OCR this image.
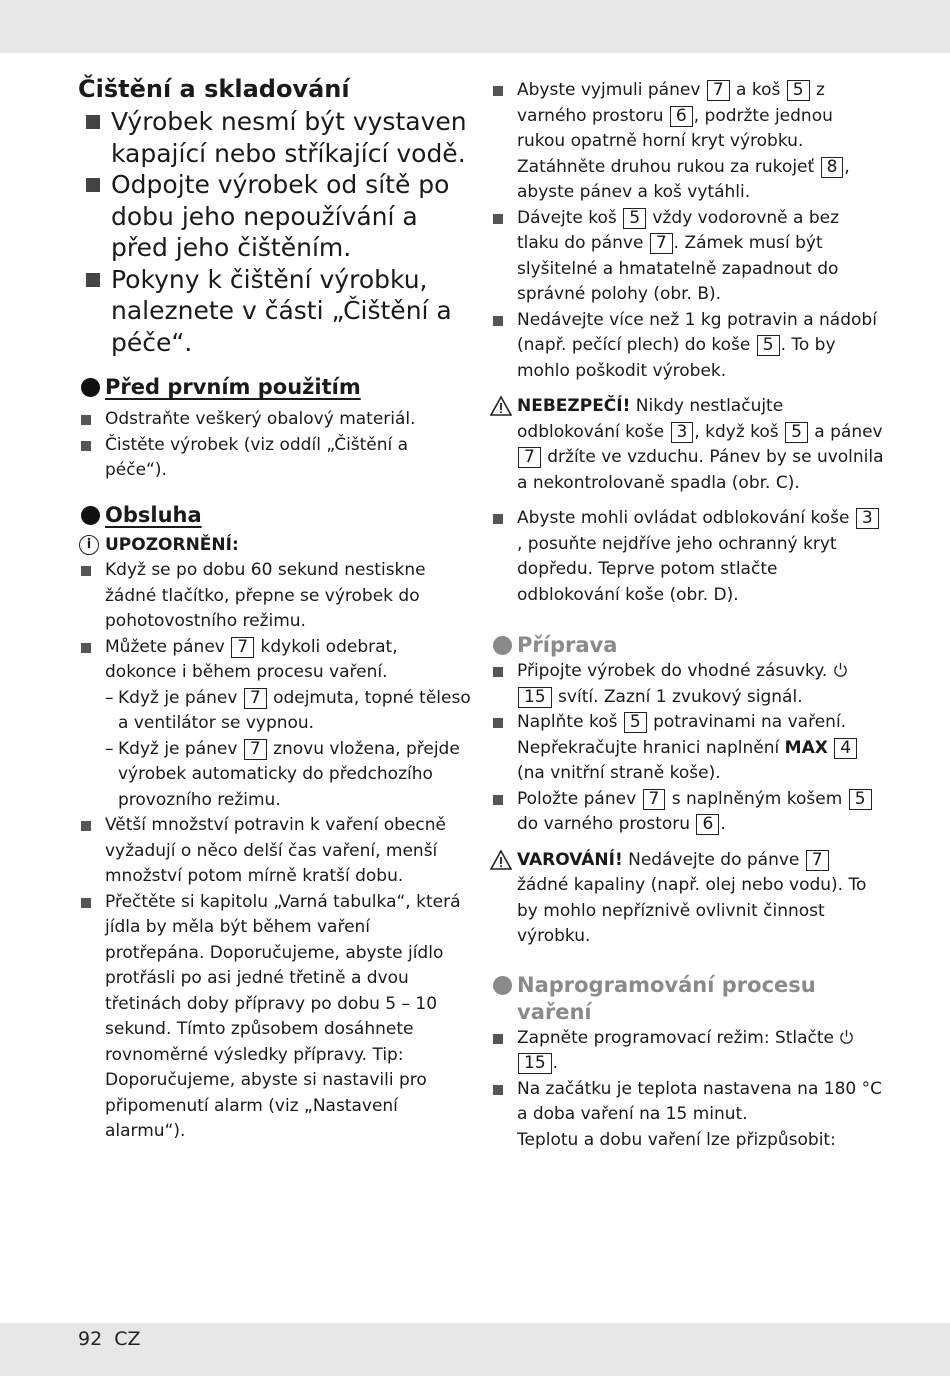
Čištění a skladování
Výrobek nesmí být vystaven kapající nebo stříkající vodě.
Odpojte výrobek od sítě po dobu jeho nepoužívání a před jeho čištěním.
Pokyny k čištění výrobku, naleznete v části „Čištění a péče“.
Před prvním použitím
Odstraňte veškerý obalový materiál.
Čistěte výrobek (viz oddíl „Čištění a péče“).
Obsluha
i UPOZORNĚNÍ:
Když se po dobu 60 sekund nestiskne žádné tlačítko, přepne se výrobek do pohotovostního režimu.
Můžete pánev 7 kdykoli odebrat, dokonce i během procesu vaření.
– Když je pánev 7 odejmuta, topné těleso a ventilátor se vypnou.
– Když je pánev 7 znovu vložena, přejde výrobek automaticky do předchozího provozního režimu.
Větší množství potravin k vaření obecně vyžadují o něco delší čas vaření, menší množství potom mírně kratší dobu.
Přečtěte si kapitolu „Varná tabulka“, která jídla by měla být během vaření protřepána. Doporučujeme, abyste jídlo protřásli po asi jedné třetině a dvou třetinách doby přípravy po dobu 5 – 10 sekund. Tímto způsobem dosáhnete rovnoměrné výsledky přípravy. Tip: Doporučujeme, abyste si nastavili pro připomenutí alarm (viz „Nastavení alarmu“).
Abyste vyjmuli pánev 7 a koš 5 z varného prostoru 6 , podržte jednou rukou opatrně horní kryt výrobku. Zatáhněte druhou rukou za rukojeť 8 , abyste pánev a koš vytáhli.
Dávejte koš 5 vždy vodorovně a bez tlaku do pánve 7 . Zámek musí být slyšitelné a hmatatelně zapadnout do správné polohy (obr. B).
Nedávejte více než 1 kg potravin a nádobí (např. pečící plech) do koše 5 . To by mohlo poškodit výrobek.
NEBEZPEČÍ! Nikdy nestlačujte odblokování koše 3 , když koš 5 a pánev 7 držíte ve vzduchu. Pánev by se uvolnila a nekontrolovaně spadla (obr. C).
Abyste mohli ovládat odblokování koše 3, posuňte nejdříve jeho ochranný kryt dopředu. Teprve potom stlačte odblokování koše (obr. D).
Příprava
Připojte výrobek do vhodné zásuvky. 15 svítí. Zazní 1 zvukový signál.
Naplňte koš 5 potravinami na vaření. Nepřekračujte hranici naplnění MAX 4 (na vnitřní straně koše).
Položte pánev 7 s naplněným košem 5 do varného prostoru 6 .
VAROVÁNÍ! Nedávejte do pánve 7 žádné kapaliny (např. olej nebo vodu). To by mohlo nepříznivě ovlivnit činnost výrobku.
Naprogramování procesu vaření
Zapněte programovací režim: Stlačte 15 .
Na začátku je teplota nastavena na 180 °C a doba vaření na 15 minut.
Teplotu a dobu vaření lze přizpůsobit:
92 CZ
